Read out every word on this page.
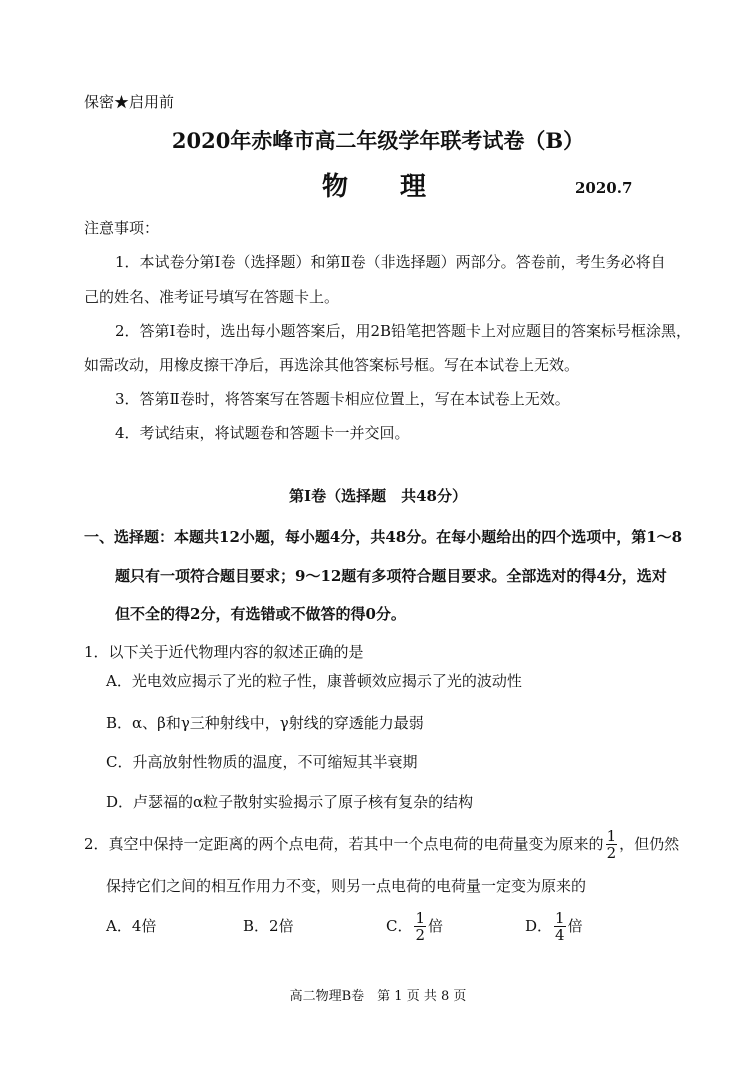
保密★启用前
2020年赤峰市高二年级学年联考试卷（B）
物　　理	2020.7
注意事项：
1．本试卷分第Ⅰ卷（选择题）和第Ⅱ卷（非选择题）两部分。答卷前，考生务必将自
己的姓名、准考证号填写在答题卡上。
2．答第Ⅰ卷时，选出每小题答案后，用2B铅笔把答题卡上对应题目的答案标号框涂黑，
如需改动，用橡皮擦干净后，再选涂其他答案标号框。写在本试卷上无效。
3．答第Ⅱ卷时，将答案写在答题卡相应位置上，写在本试卷上无效。
4．考试结束，将试题卷和答题卡一并交回。
第Ⅰ卷（选择题　共48分）
一、选择题：本题共12小题，每小题4分，共48分。在每小题给出的四个选项中，第1～8
题只有一项符合题目要求；9～12题有多项符合题目要求。全部选对的得4分，选对
但不全的得2分，有选错或不做答的得0分。
1．以下关于近代物理内容的叙述正确的是
A．光电效应揭示了光的粒子性，康普顿效应揭示了光的波动性
B．α、β和γ三种射线中，γ射线的穿透能力最弱
C．升高放射性物质的温度，不可缩短其半衰期
D．卢瑟福的α粒子散射实验揭示了原子核有复杂的结构
2．真空中保持一定距离的两个点电荷，若其中一个点电荷的电荷量变为原来的 $\frac{1}{2}$ ，但仍然
保持它们之间的相互作用力不变，则另一点电荷的电荷量一定变为原来的
A．4倍	B．2倍	C． $\frac{1}{2}$ 倍	D． $\frac{1}{4}$ 倍
高二物理B卷　第 1 页 共 8 页
